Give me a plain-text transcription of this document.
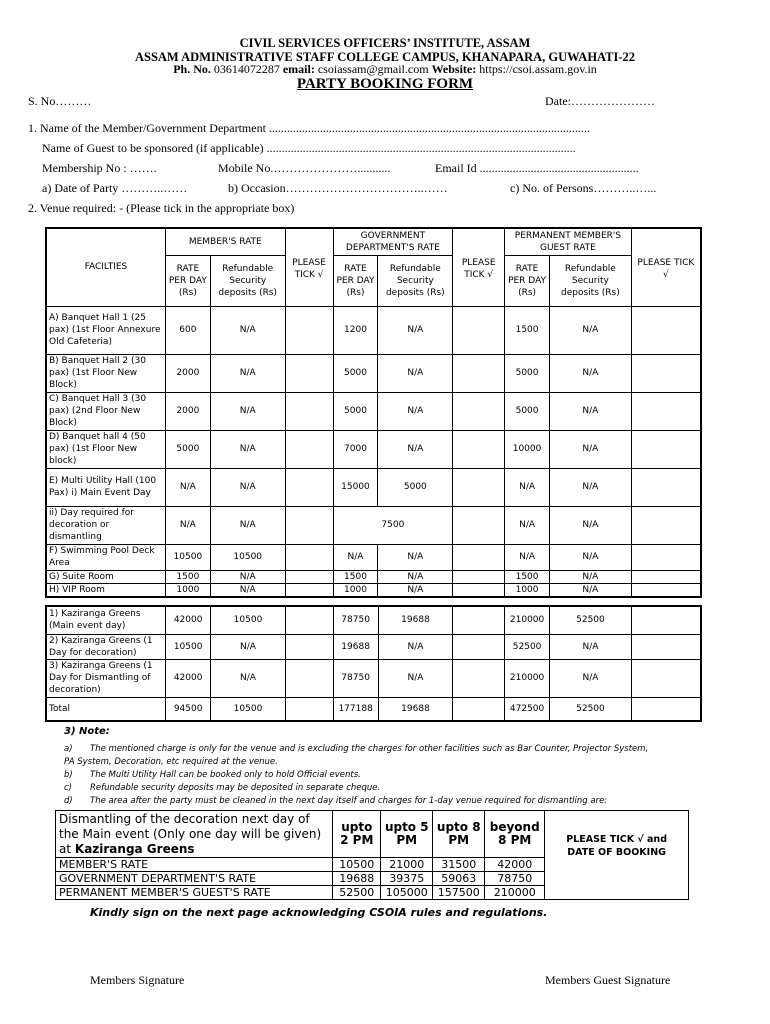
CIVIL SERVICES OFFICERS’ INSTITUTE, ASSAM
ASSAM ADMINISTRATIVE STAFF COLLEGE CAMPUS, KHANAPARA, GUWAHATI-22
Ph. No. 03614072287 email: csoiassam@gmail.com Website: https://csoi.assam.gov.in
PARTY BOOKING FORM
S. No………	Date:…………………
1. Name of the Member/Government Department ...........................................................................................................
Name of Guest to be sponsored (if applicable) .......................................................................................................
Membership No : …….	Mobile No.…………………...........	Email Id .....................................................
a) Date of Party ………..……	b) Occasion……………………………..……	c) No. of Persons………..…...
2. Venue required: - (Please tick in the appropriate box)
FACILTIES	MEMBER'S RATE		PLEASE TICK √	GOVERNMENT DEPARTMENT'S RATE		PLEASE TICK √	PERMANENT MEMBER'S GUEST RATE		PLEASE TICK √
	RATE PER DAY (Rs)	Refundable Security deposits (Rs)		RATE PER DAY (Rs)	Refundable Security deposits (Rs)		RATE PER DAY (Rs)	Refundable Security deposits (Rs)	
A) Banquet Hall 1 (25 pax) (1st Floor Annexure Old Cafeteria)	600	N/A		1200	N/A		1500	N/A	
B) Banquet Hall 2 (30 pax) (1st Floor New Block)	2000	N/A		5000	N/A		5000	N/A	
C) Banquet Hall 3 (30 pax) (2nd Floor New Block)	2000	N/A		5000	N/A		5000	N/A	
D) Banquet hall 4 (50 pax) (1st Floor New block)	5000	N/A		7000	N/A		10000	N/A	
E) Multi Utility Hall (100 Pax) i) Main Event Day	N/A	N/A		15000	5000		N/A	N/A	
ii) Day required for decoration or dismantling	N/A	N/A		7500			N/A	N/A	
F) Swimming Pool Deck Area	10500	10500		N/A	N/A		N/A	N/A	
G) Suite Room	1500	N/A		1500	N/A		1500	N/A	
H) VIP Room	1000	N/A		1000	N/A		1000	N/A	
1) Kaziranga Greens (Main event day)	42000	10500		78750	19688		210000	52500	
2) Kaziranga Greens (1 Day for decoration)	10500	N/A		19688	N/A		52500	N/A	
3) Kaziranga Greens (1 Day for Dismantling of decoration)	42000	N/A		78750	N/A		210000	N/A	
Total	94500	10500		177188	19688		472500	52500	
3) Note:
a) The mentioned charge is only for the venue and is excluding the charges for other facilities such as Bar Counter, Projector System,
PA System, Decoration, etc required at the venue.
b) The Multi Utility Hall can be booked only to hold Official events.
c) Refundable security deposits may be deposited in separate cheque.
d) The area after the party must be cleaned in the next day itself and charges for 1-day venue required for dismantling are:
Dismantling of the decoration next day of the Main event (Only one day will be given) at Kaziranga Greens	upto 2 PM	upto 5 PM	upto 8 PM	beyond 8 PM	PLEASE TICK √ and DATE OF BOOKING
MEMBER'S RATE	10500	21000	31500	42000	
GOVERNMENT DEPARTMENT'S RATE	19688	39375	59063	78750	
PERMANENT MEMBER'S GUEST'S RATE	52500	105000	157500	210000	
Kindly sign on the next page acknowledging CSOIA rules and regulations.
Members Signature	Members Guest Signature
